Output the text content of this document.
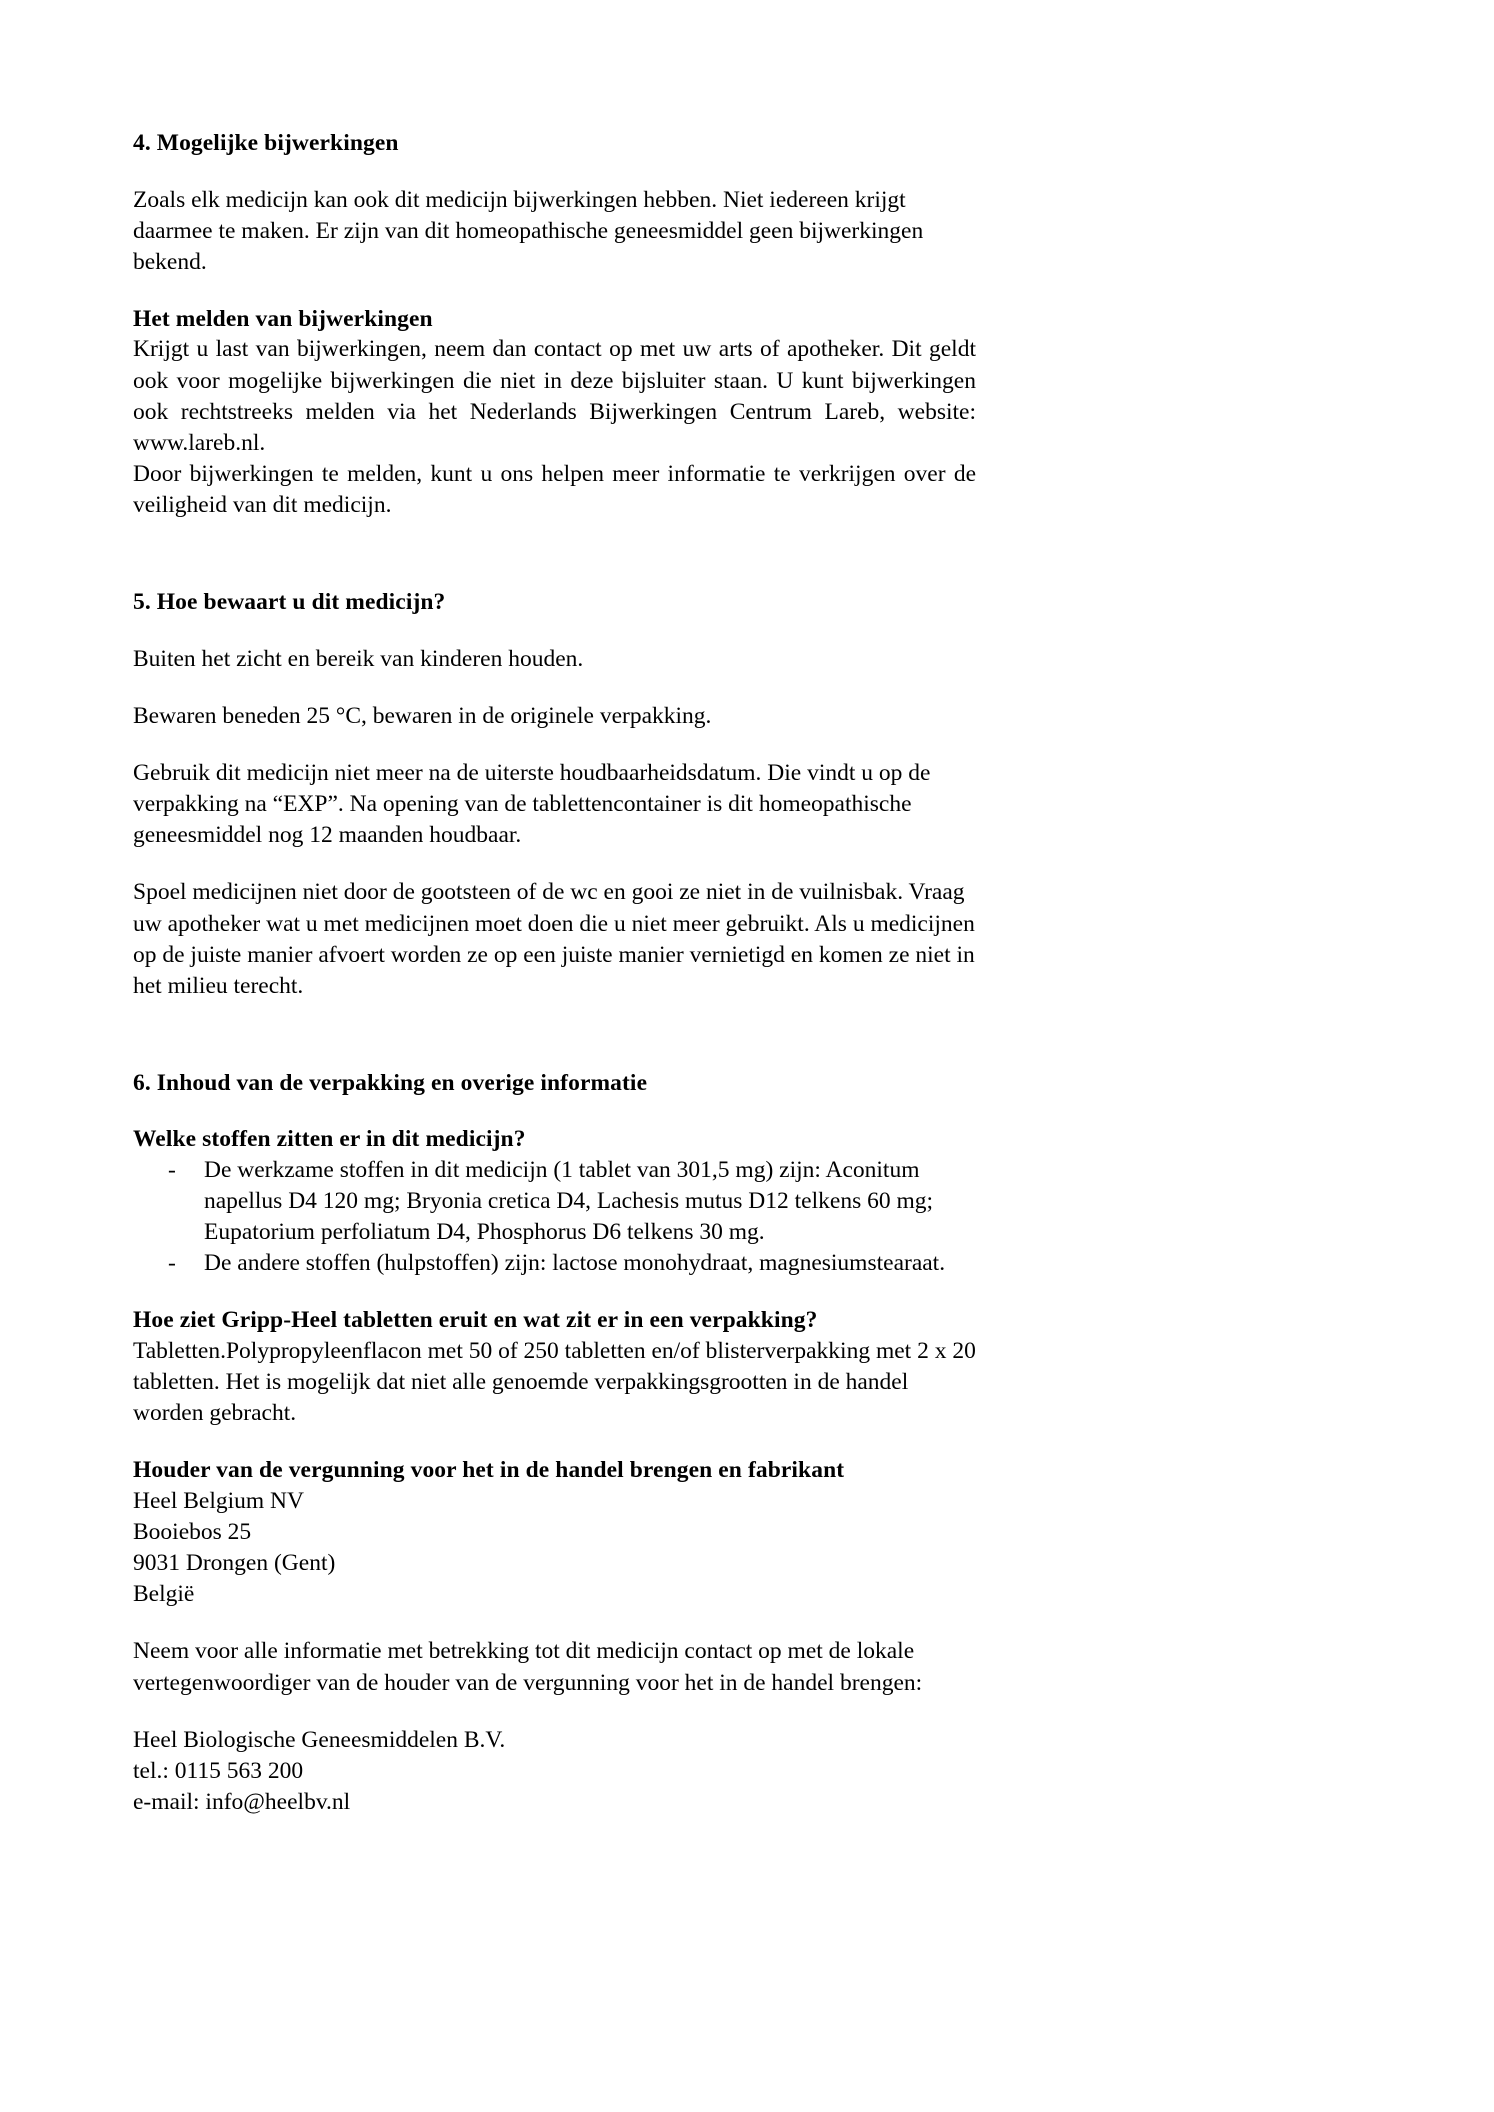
4. Mogelijke bijwerkingen

Zoals elk medicijn kan ook dit medicijn bijwerkingen hebben. Niet iedereen krijgt daarmee te maken. Er zijn van dit homeopathische geneesmiddel geen bijwerkingen bekend.

Het melden van bijwerkingen

Krijgt u last van bijwerkingen, neem dan contact op met uw arts of apotheker. Dit geldt ook voor mogelijke bijwerkingen die niet in deze bijsluiter staan. U kunt bijwerkingen ook rechtstreeks melden via het Nederlands Bijwerkingen Centrum Lareb, website: www.lareb.nl.

Door bijwerkingen te melden, kunt u ons helpen meer informatie te verkrijgen over de veiligheid van dit medicijn.

5. Hoe bewaart u dit medicijn?

Buiten het zicht en bereik van kinderen houden.

Bewaren beneden 25 °C, bewaren in de originele verpakking.

Gebruik dit medicijn niet meer na de uiterste houdbaarheidsdatum. Die vindt u op de verpakking na “EXP”. Na opening van de tablettencontainer is dit homeopathische geneesmiddel nog 12 maanden houdbaar.

Spoel medicijnen niet door de gootsteen of de wc en gooi ze niet in de vuilnisbak. Vraag uw apotheker wat u met medicijnen moet doen die u niet meer gebruikt. Als u medicijnen op de juiste manier afvoert worden ze op een juiste manier vernietigd en komen ze niet in het milieu terecht.

6. Inhoud van de verpakking en overige informatie
Welke stoffen zitten er in dit medicijn?
- De werkzame stoffen in dit medicijn (1 tablet van 301,5 mg) zijn: Aconitum napellus D4 120 mg; Bryonia cretica D4, Lachesis mutus D12 telkens 60 mg; Eupatorium perfoliatum D4, Phosphorus D6 telkens 30 mg.
- De andere stoffen (hulpstoffen) zijn: lactose monohydraat, magnesiumstearaat.
Hoe ziet Gripp-Heel tabletten eruit en wat zit er in een verpakking?

Tabletten.Polypropyleenflacon met 50 of 250 tabletten en/of blisterverpakking met 2 x 20 tabletten. Het is mogelijk dat niet alle genoemde verpakkingsgrootten in de handel worden gebracht.

Houder van de vergunning voor het in de handel brengen en fabrikant
Heel Belgium NV
Booiebos 25
9031 Drongen (Gent)
België

Neem voor alle informatie met betrekking tot dit medicijn contact op met de lokale vertegenwoordiger van de houder van de vergunning voor het in de handel brengen:

Heel Biologische Geneesmiddelen B.V.
tel.: 0115 563 200
e-mail: info@heelbv.nl
